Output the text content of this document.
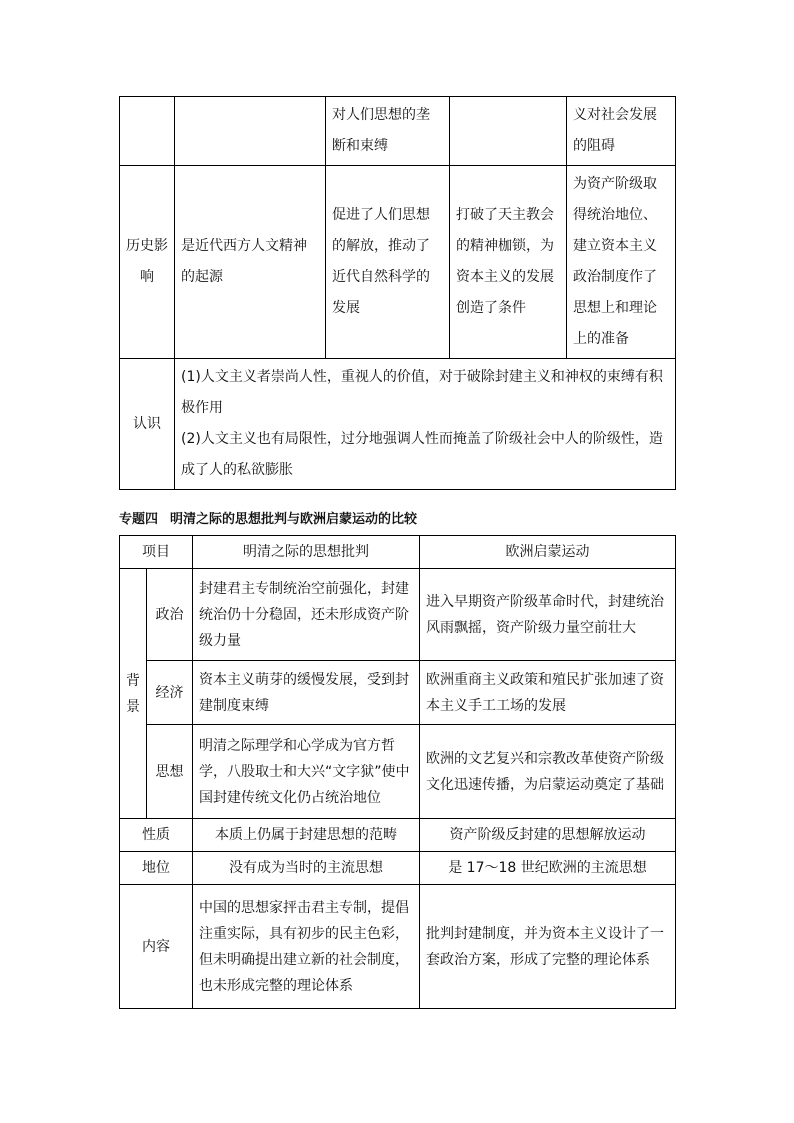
		对人们思想的垄断和束缚		义对社会发展的阻碍
历史影响	是近代西方人文精神的起源	促进了人们思想的解放，推动了近代自然科学的发展	打破了天主教会的精神枷锁，为资本主义的发展创造了条件	为资产阶级取得统治地位、建立资本主义政治制度作了思想上和理论上的准备
认识	(1)人文主义者崇尚人性，重视人的价值，对于破除封建主义和神权的束缚有积极作用
(2)人文主义也有局限性，过分地强调人性而掩盖了阶级社会中人的阶级性，造成了人的私欲膨胀			
专题四 明清之际的思想批判与欧洲启蒙运动的比较
项目		明清之际的思想批判	欧洲启蒙运动

背
景	政治	封建君主专制统治空前强化，封建统治仍十分稳固，还未形成资产阶级力量	进入早期资产阶级革命时代，封建统治风雨飘摇，资产阶级力量空前壮大
	经济	资本主义萌芽的缓慢发展，受到封建制度束缚	欧洲重商主义政策和殖民扩张加速了资本主义手工工场的发展
	思想	明清之际理学和心学成为官方哲学，八股取士和大兴“文字狱”使中国封建传统文化仍占统治地位	欧洲的文艺复兴和宗教改革使资产阶级文化迅速传播，为启蒙运动奠定了基础
性质		本质上仍属于封建思想的范畴	资产阶级反封建的思想解放运动
地位		没有成为当时的主流思想	是 17～18 世纪欧洲的主流思想
内容		中国的思想家抨击君主专制，提倡注重实际，具有初步的民主色彩，但未明确提出建立新的社会制度，也未形成完整的理论体系	批判封建制度，并为资本主义设计了一套政治方案，形成了完整的理论体系
